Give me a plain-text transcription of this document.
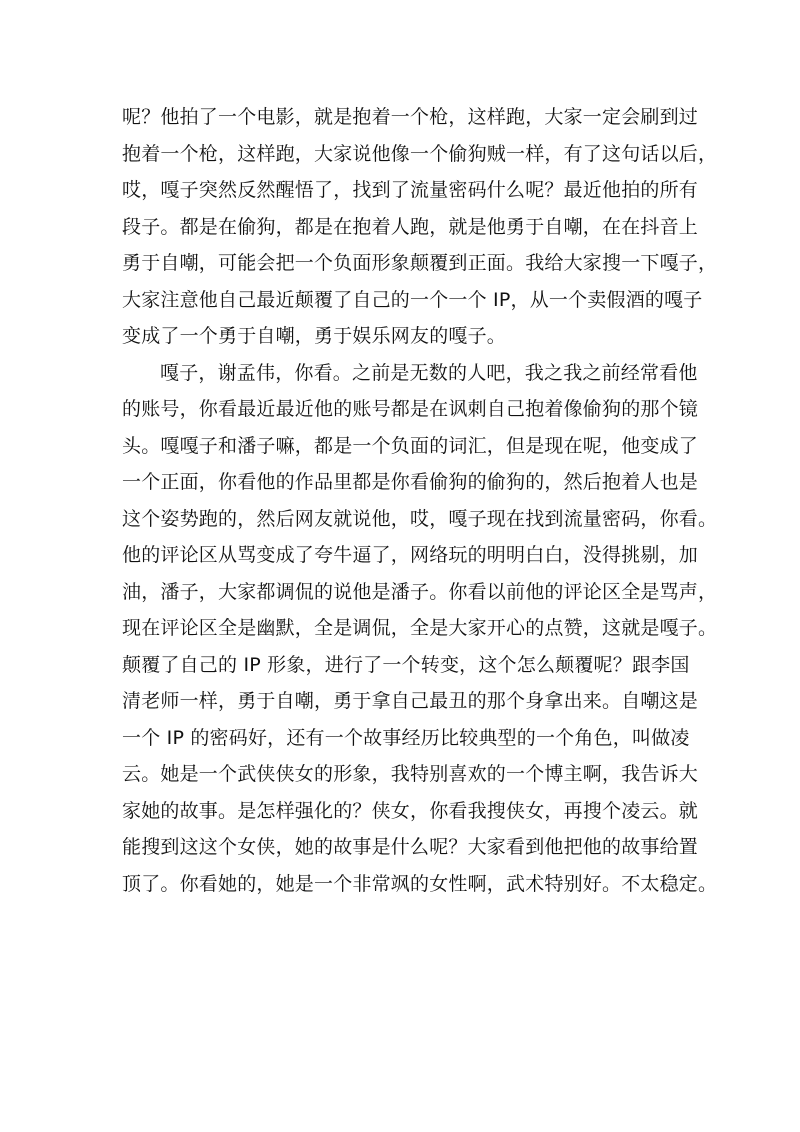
呢？他拍了一个电影，就是抱着一个枪，这样跑，大家一定会刷到过
抱着一个枪，这样跑，大家说他像一个偷狗贼一样，有了这句话以后，
哎，嘎子突然反然醒悟了，找到了流量密码什么呢？最近他拍的所有
段子。都是在偷狗，都是在抱着人跑，就是他勇于自嘲，在在抖音上
勇于自嘲，可能会把一个负面形象颠覆到正面。我给大家搜一下嘎子，
大家注意他自己最近颠覆了自己的一个一个 IP，从一个卖假酒的嘎子
变成了一个勇于自嘲，勇于娱乐网友的嘎子。
嘎子，谢孟伟，你看。之前是无数的人吧，我之我之前经常看他
的账号，你看最近最近他的账号都是在讽刺自己抱着像偷狗的那个镜
头。嘎嘎子和潘子嘛，都是一个负面的词汇，但是现在呢，他变成了
一个正面，你看他的作品里都是你看偷狗的偷狗的，然后抱着人也是
这个姿势跑的，然后网友就说他，哎，嘎子现在找到流量密码，你看。
他的评论区从骂变成了夸牛逼了，网络玩的明明白白，没得挑剔，加
油，潘子，大家都调侃的说他是潘子。你看以前他的评论区全是骂声，
现在评论区全是幽默，全是调侃，全是大家开心的点赞，这就是嘎子。
颠覆了自己的 IP 形象，进行了一个转变，这个怎么颠覆呢？跟李国
清老师一样，勇于自嘲，勇于拿自己最丑的那个身拿出来。自嘲这是
一个 IP 的密码好，还有一个故事经历比较典型的一个角色，叫做凌
云。她是一个武侠侠女的形象，我特别喜欢的一个博主啊，我告诉大
家她的故事。是怎样强化的？侠女，你看我搜侠女，再搜个凌云。就
能搜到这这个女侠，她的故事是什么呢？大家看到他把他的故事给置
顶了。你看她的，她是一个非常飒的女性啊，武术特别好。不太稳定。
